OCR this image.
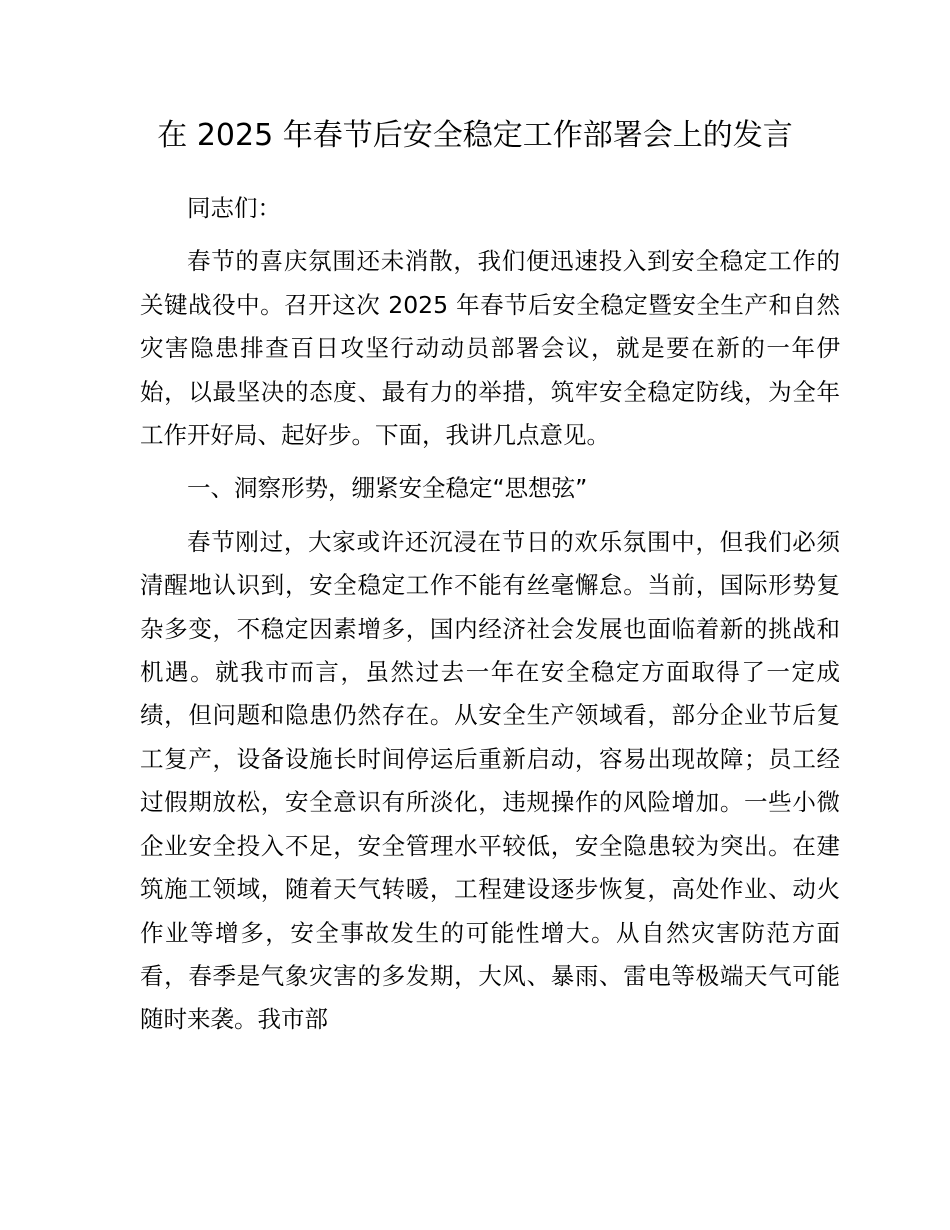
在 2025 年春节后安全稳定工作部署会上的发言

同志们：

春节的喜庆氛围还未消散，我们便迅速投入到安全稳定工作的关键战役中。召开这次 2025 年春节后安全稳定暨安全生产和自然灾害隐患排查百日攻坚行动动员部署会议，就是要在新的一年伊始，以最坚决的态度、最有力的举措，筑牢安全稳定防线，为全年工作开好局、起好步。下面，我讲几点意见。

一、洞察形势，绷紧安全稳定“思想弦”

春节刚过，大家或许还沉浸在节日的欢乐氛围中，但我们必须清醒地认识到，安全稳定工作不能有丝毫懈怠。当前，国际形势复杂多变，不稳定因素增多，国内经济社会发展也面临着新的挑战和机遇。就我市而言，虽然过去一年在安全稳定方面取得了一定成绩，但问题和隐患仍然存在。从安全生产领域看，部分企业节后复工复产，设备设施长时间停运后重新启动，容易出现故障；员工经过假期放松，安全意识有所淡化，违规操作的风险增加。一些小微企业安全投入不足，安全管理水平较低，安全隐患较为突出。在建筑施工领域，随着天气转暖，工程建设逐步恢复，高处作业、动火作业等增多，安全事故发生的可能性增大。从自然灾害防范方面看，春季是气象灾害的多发期，大风、暴雨、雷电等极端天气可能随时来袭。我市部
